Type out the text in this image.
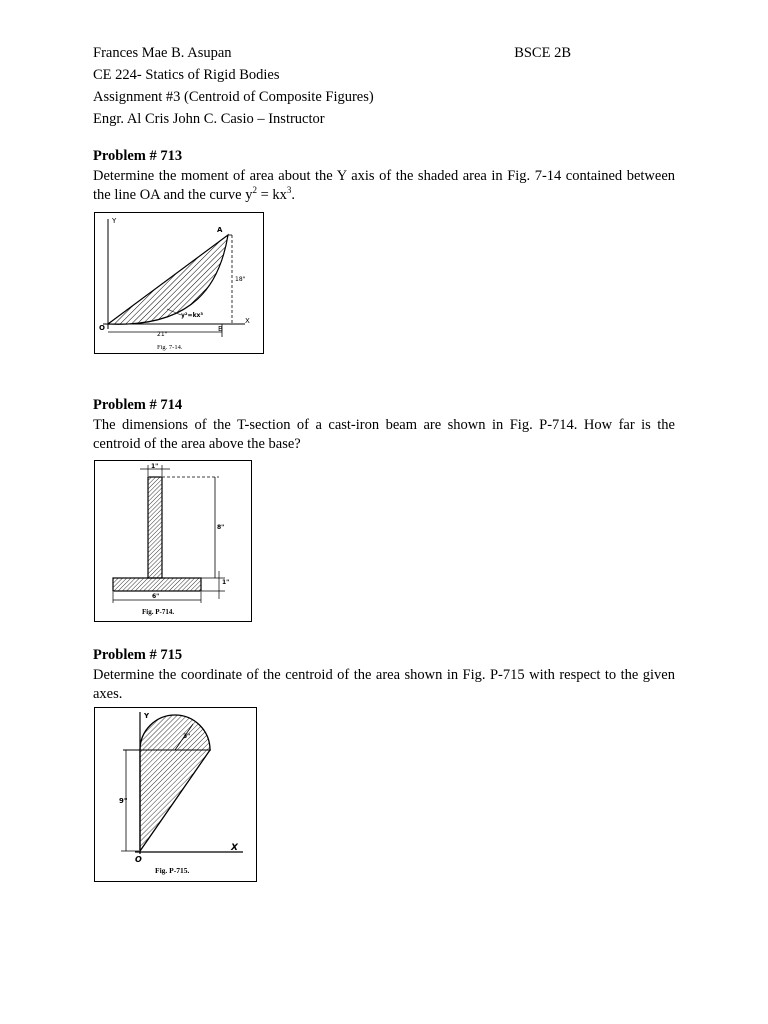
Frances Mae B. Asupan	BSCE 2B
CE 224- Statics of Rigid Bodies
Assignment #3 (Centroid of Composite Figures)
Engr. Al Cris John C. Casio – Instructor
Problem # 713
Determine the moment of area about the Y axis of the shaded area in Fig. 7-14 contained between the line OA and the curve $y^2 = kx^3$.
Y
X
O
A
B
18"
21"
y²=kx³
Fig. 7-14.
Problem # 714
The dimensions of the T-section of a cast-iron beam are shown in Fig. P-714. How far is the centroid of the area above the base?
1"
8"
1"
6"
Fig. P-714.
Problem # 715
Determine the coordinate of the centroid of the area shown in Fig. P-715 with respect to the given axes.
Y
X
O
9"
3"
Fig. P-715.
